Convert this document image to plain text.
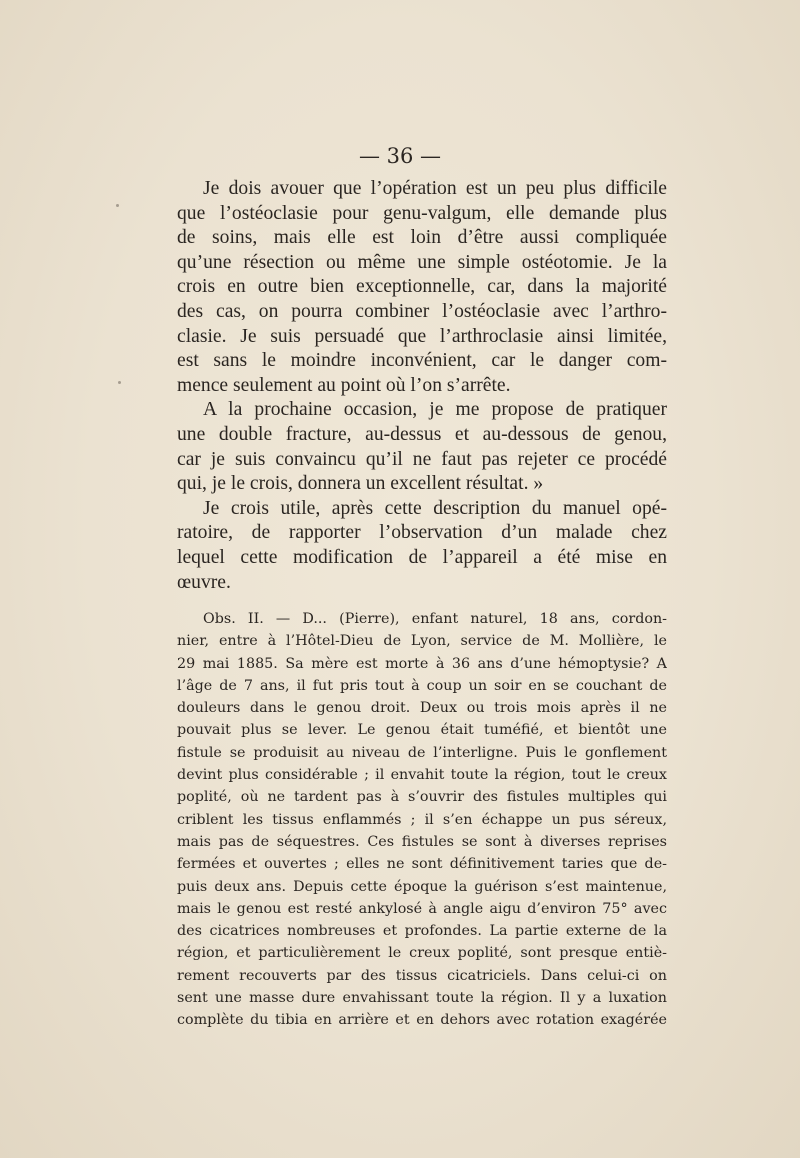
— 36 —
Je dois avouer que l’opération est un peu plus difficile
que l’ostéoclasie pour genu-valgum, elle demande plus
de soins, mais elle est loin d’être aussi compliquée
qu’une résection ou même une simple ostéotomie. Je la
crois en outre bien exceptionnelle, car, dans la majorité
des cas, on pourra combiner l’ostéoclasie avec l’arthro-
clasie. Je suis persuadé que l’arthroclasie ainsi limitée,
est sans le moindre inconvénient, car le danger com-
mence seulement au point où l’on s’arrête.
A la prochaine occasion, je me propose de pratiquer
une double fracture, au-dessus et au-dessous de genou,
car je suis convaincu qu’il ne faut pas rejeter ce procédé
qui, je le crois, donnera un excellent résultat. »
Je crois utile, après cette description du manuel opé-
ratoire, de rapporter l’observation d’un malade chez
lequel cette modification de l’appareil a été mise en
œuvre.
Obs. II. — D... (Pierre), enfant naturel, 18 ans, cordon-
nier, entre à l’Hôtel-Dieu de Lyon, service de M. Mollière, le
29 mai 1885. Sa mère est morte à 36 ans d’une hémoptysie? A
l’âge de 7 ans, il fut pris tout à coup un soir en se couchant de
douleurs dans le genou droit. Deux ou trois mois après il ne
pouvait plus se lever. Le genou était tuméfié, et bientôt une
fistule se produisit au niveau de l’interligne. Puis le gonflement
devint plus considérable ; il envahit toute la région, tout le creux
poplité, où ne tardent pas à s’ouvrir des fistules multiples qui
criblent les tissus enflammés ; il s’en échappe un pus séreux,
mais pas de séquestres. Ces fistules se sont à diverses reprises
fermées et ouvertes ; elles ne sont définitivement taries que de-
puis deux ans. Depuis cette époque la guérison s’est maintenue,
mais le genou est resté ankylosé à angle aigu d’environ 75° avec
des cicatrices nombreuses et profondes. La partie externe de la
région, et particulièrement le creux poplité, sont presque entiè-
rement recouverts par des tissus cicatriciels. Dans celui-ci on
sent une masse dure envahissant toute la région. Il y a luxation
complète du tibia en arrière et en dehors avec rotation exagérée
